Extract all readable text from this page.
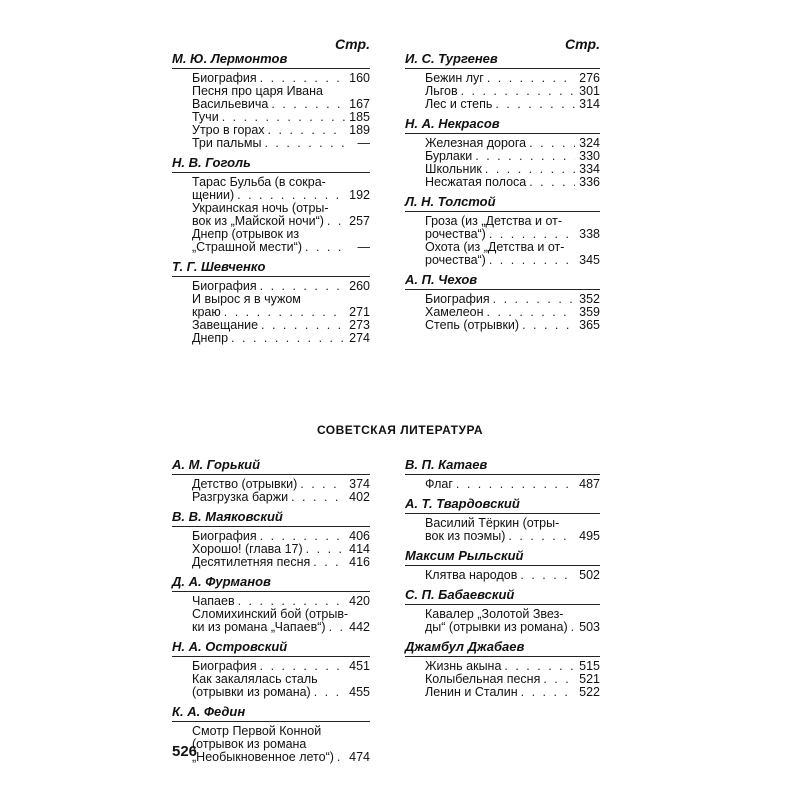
Стр.
М. Ю. Лермонтов
Биография . . .	160
Песня про царя Ивана
Васильевича . . .	167
Тучи . . .	185
Утро в горах . . .	189
Три пальмы . . .	—
Н. В. Гоголь
Тарас Бульба (в сокра-
щении) . . .	192
Украинская ночь (отры-
вок из „Майской ночи“) . . . 257
Днепр (отрывок из
„Страшной мести“) . . .	—
Т. Г. Шевченко
Биография . . .	260
И вырос я в чужом
краю . . .	271
Завещание . . .	273
Днепр . . .	274
Стр.
И. С. Тургенев
Бежин луг . . .	276
Льгов . . .	301
Лес и степь . . .	314
Н. А. Некрасов
Железная дорога . . .	324
Бурлаки . . .	330
Школьник . . .	334
Несжатая полоса . . .	336
Л. Н. Толстой
Гроза (из „Детства и от-
рочества“) . . .	338
Охота (из „Детства и от-
рочества“) . . .	345
А. П. Чехов
Биография . . .	352
Хамелеон . . .	359
Степь (отрывки) . . .	365
СОВЕТСКАЯ ЛИТЕРАТУРА
А. М. Горький
Детство (отрывки) . . .	374
Разгрузка баржи . . .	402
В. В. Маяковский
Биография . . .	406
Хорошо! (глава 17) . . .	414
Десятилетняя песня . . .	416
Д. А. Фурманов
Чапаев . . .	420
Сломихинский бой (отрыв-
ки из романа „Чапаев“) . . . 442
Н. А. Островский
Биография . . .	451
Как закалялась сталь
(отрывки из романа) . . .	455
К. А. Федин
Смотр Первой Конной
(отрывок из романа
„Необыкновенное лето“) . . . 474
В. П. Катаев
Флаг . . .	487
А. Т. Твардовский
Василий Тёркин (отры-
вок из поэмы) . . .	495
Максим Рыльский
Клятва народов . . .	502
С. П. Бабаевский
Кавалер „Золотой Звез-
ды“ (отрывки из романа) . . . 503
Джамбул Джабаев
Жизнь акына . . .	515
Колыбельная песня . . .	521
Ленин и Сталин . . .	522
526
